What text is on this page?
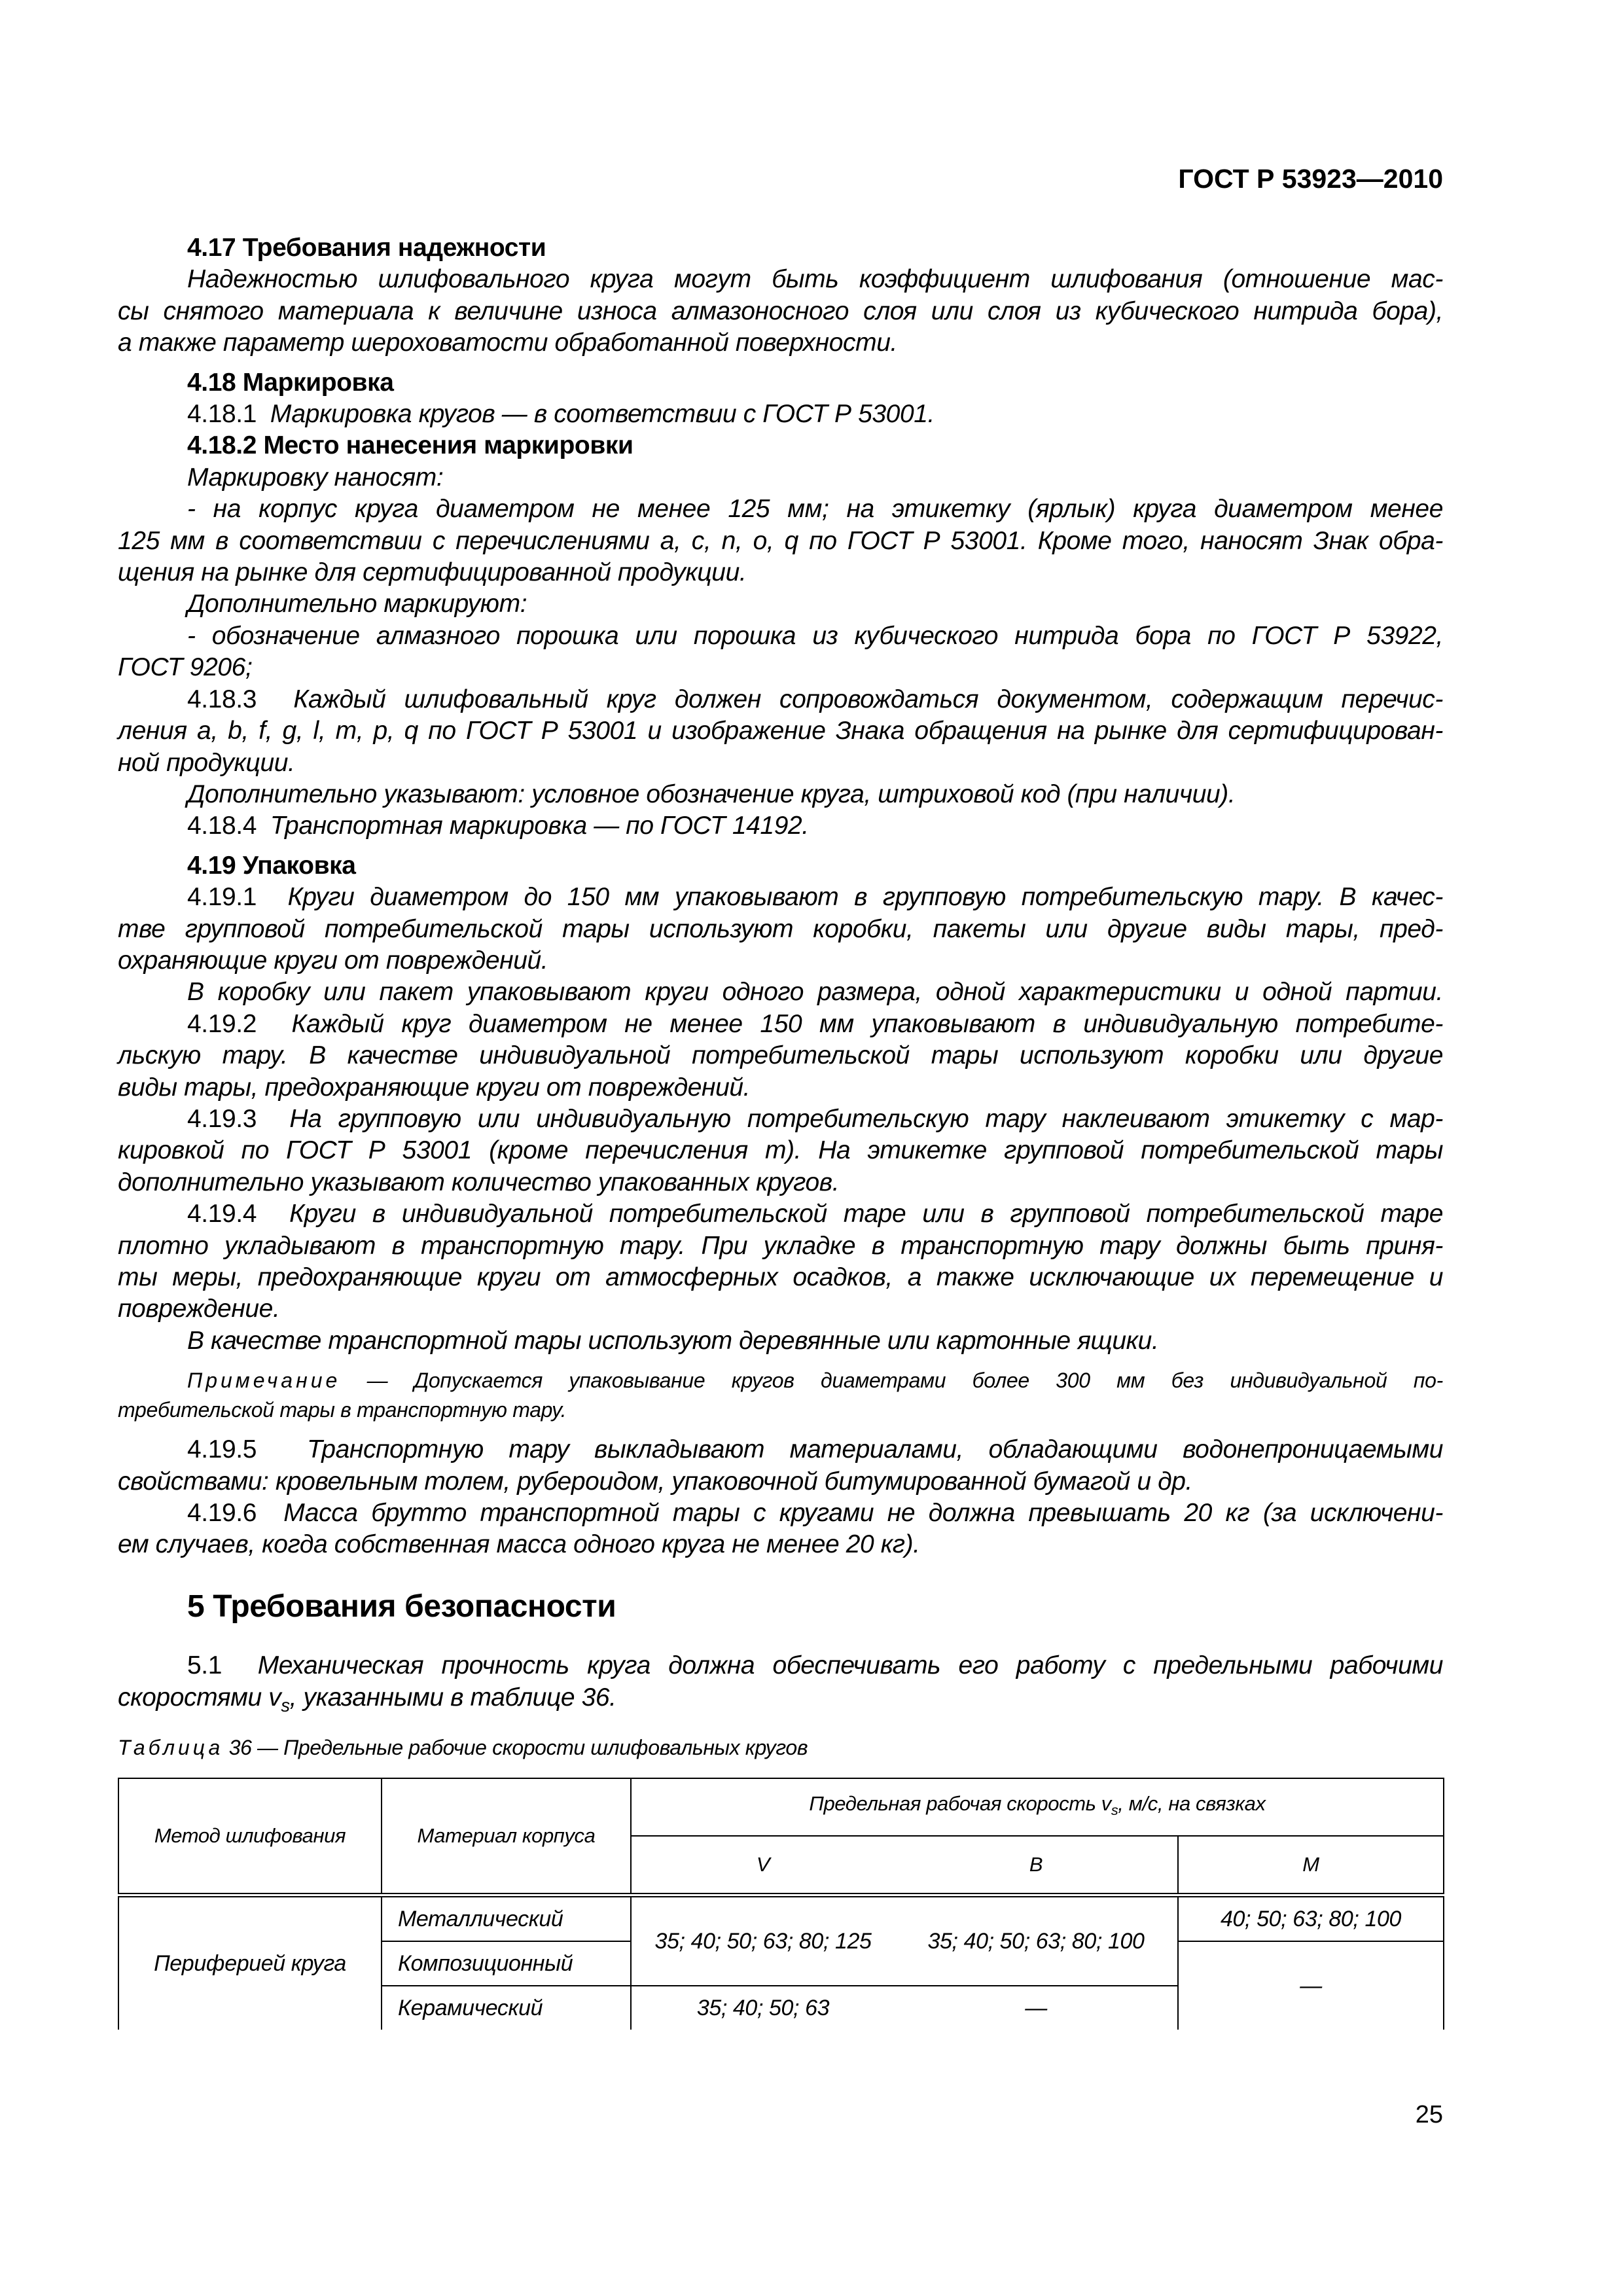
ГОСТ Р 53923—2010
4.17 Требования надежности
Надежностью шлифовального круга могут быть коэффициент шлифования (отношение мас-
сы снятого материала к величине износа алмазоносного слоя или слоя из кубического нитрида бора),
а также параметр шероховатости обработанной поверхности.
4.18 Маркировка
4.18.1 Маркировка кругов — в соответствии с ГОСТ Р 53001.
4.18.2 Место нанесения маркировки
Маркировку наносят:
- на корпус круга диаметром не менее 125 мм; на этикетку (ярлык) круга диаметром менее
125 мм в соответствии с перечислениями a, c, n, o, q по ГОСТ Р 53001. Кроме того, наносят Знак обра-
щения на рынке для сертифицированной продукции.
Дополнительно маркируют:
- обозначение алмазного порошка или порошка из кубического нитрида бора по ГОСТ Р 53922,
ГОСТ 9206;
4.18.3 Каждый шлифовальный круг должен сопровождаться документом, содержащим перечис-
ления a, b, f, g, l, m, p, q по ГОСТ Р 53001 и изображение Знака обращения на рынке для сертифицирован-
ной продукции.
Дополнительно указывают: условное обозначение круга, штриховой код (при наличии).
4.18.4 Транспортная маркировка — по ГОСТ 14192.
4.19 Упаковка
4.19.1 Круги диаметром до 150 мм упаковывают в групповую потребительскую тару. В качес-
тве групповой потребительской тары используют коробки, пакеты или другие виды тары, пред-
охраняющие круги от повреждений.
В коробку или пакет упаковывают круги одного размера, одной характеристики и одной партии.
4.19.2 Каждый круг диаметром не менее 150 мм упаковывают в индивидуальную потребите-
льскую тару. В качестве индивидуальной потребительской тары используют коробки или другие
виды тары, предохраняющие круги от повреждений.
4.19.3 На групповую или индивидуальную потребительскую тару наклеивают этикетку с мар-
кировкой по ГОСТ Р 53001 (кроме перечисления m). На этикетке групповой потребительской тары
дополнительно указывают количество упакованных кругов.
4.19.4 Круги в индивидуальной потребительской таре или в групповой потребительской таре
плотно укладывают в транспортную тару. При укладке в транспортную тару должны быть приня-
ты меры, предохраняющие круги от атмосферных осадков, а также исключающие их перемещение и
повреждение.
В качестве транспортной тары используют деревянные или картонные ящики.
Примечание — Допускается упаковывание кругов диаметрами более 300 мм без индивидуальной по-
требительской тары в транспортную тару.
4.19.5 Транспортную тару выкладывают материалами, обладающими водонепроницаемыми
свойствами: кровельным толем, рубероидом, упаковочной битумированной бумагой и др.
4.19.6 Масса брутто транспортной тары с кругами не должна превышать 20 кг (за исключени-
ем случаев, когда собственная масса одного круга не менее 20 кг).
5 Требования безопасности
5.1 Механическая прочность круга должна обеспечивать его работу с предельными рабочими
скоростями $v_s$, указанными в таблице 36.
Таблица 36 — Предельные рабочие скорости шлифовальных кругов
Метод шлифования	Материал корпуса	Предельная рабочая скорость $v_s$, м/с, на связках		
		V	B	M
Периферией круга	Металлический	35; 40; 50; 63; 80; 125	35; 40; 50; 63; 80; 100	40; 50; 63; 80; 100
	Композиционный			—
	Керамический	35; 40; 50; 63	—	
25
